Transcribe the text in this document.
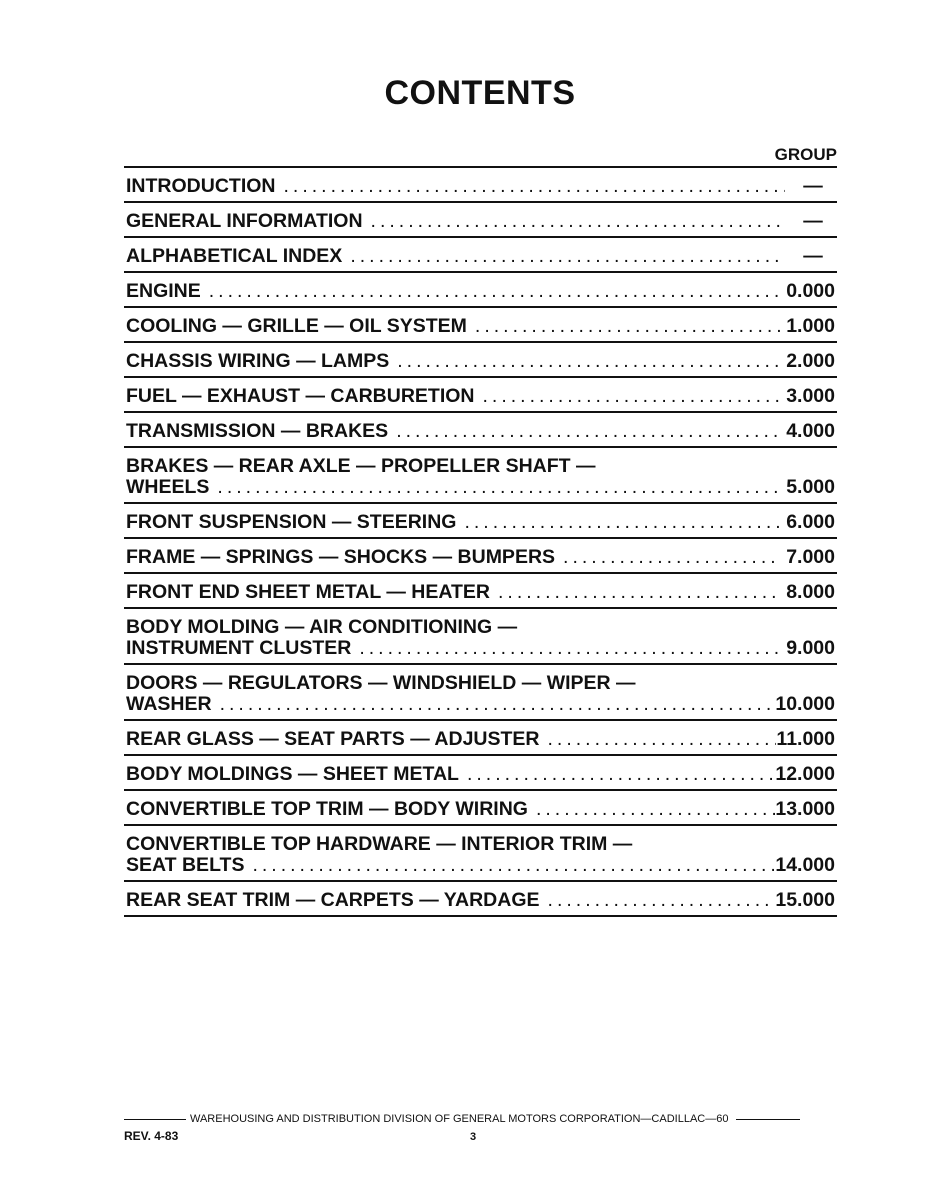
CONTENTS
GROUP
INTRODUCTION .....	—
GENERAL INFORMATION .....	—
ALPHABETICAL INDEX .....	—
ENGINE .....	0.000
COOLING — GRILLE — OIL SYSTEM .....	1.000
CHASSIS WIRING — LAMPS .....	2.000
FUEL — EXHAUST — CARBURETION .....	3.000
TRANSMISSION — BRAKES .....	4.000
BRAKES — REAR AXLE — PROPELLER SHAFT —
WHEELS .....	5.000
FRONT SUSPENSION — STEERING .....	6.000
FRAME — SPRINGS — SHOCKS — BUMPERS .....	7.000
FRONT END SHEET METAL — HEATER .....	8.000
BODY MOLDING — AIR CONDITIONING —
INSTRUMENT CLUSTER .....	9.000
DOORS — REGULATORS — WINDSHIELD — WIPER —
WASHER .....	10.000
REAR GLASS — SEAT PARTS — ADJUSTER .....	11.000
BODY MOLDINGS — SHEET METAL .....	12.000
CONVERTIBLE TOP TRIM — BODY WIRING .....	13.000
CONVERTIBLE TOP HARDWARE — INTERIOR TRIM —
SEAT BELTS .....	14.000
REAR SEAT TRIM — CARPETS — YARDAGE .....	15.000
WAREHOUSING AND DISTRIBUTION DIVISION OF GENERAL MOTORS CORPORATION—CADILLAC—60
REV. 4-83	3
